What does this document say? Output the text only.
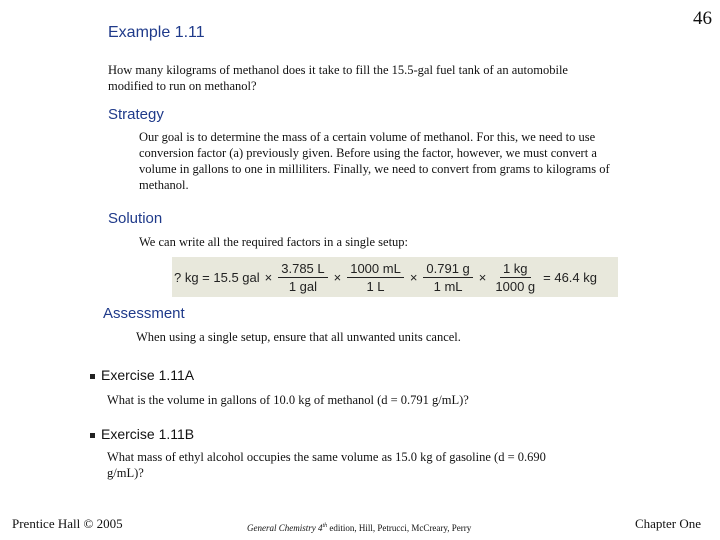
46
Example 1.11
How many kilograms of methanol does it take to fill the 15.5-gal fuel tank of an automobile modified to run on methanol?
Strategy
Our goal is to determine the mass of a certain volume of methanol. For this, we need to use conversion factor (a) previously given. Before using the factor, however, we must convert a volume in gallons to one in milliliters. Finally, we need to convert from grams to kilograms of methanol.
Solution
We can write all the required factors in a single setup:
? kg = 15.5 gal × $\frac{3.785 L}{\text{1 gal}} \times \frac{1000 mL}{1 L} \times \frac{0.791 g}{1 mL} \times \frac{1 kg}{1000 g} = 46.4$ kg
Assessment
When using a single setup, ensure that all unwanted units cancel.
Exercise 1.11A
What is the volume in gallons of 10.0 kg of methanol (d = 0.791 g/mL)?
Exercise 1.11B
What mass of ethyl alcohol occupies the same volume as 15.0 kg of gasoline (d = 0.690 g/mL)?
Prentice Hall © 2005	General Chemistry 4th edition, Hill, Petrucci, McCreary, Perry	Chapter One
